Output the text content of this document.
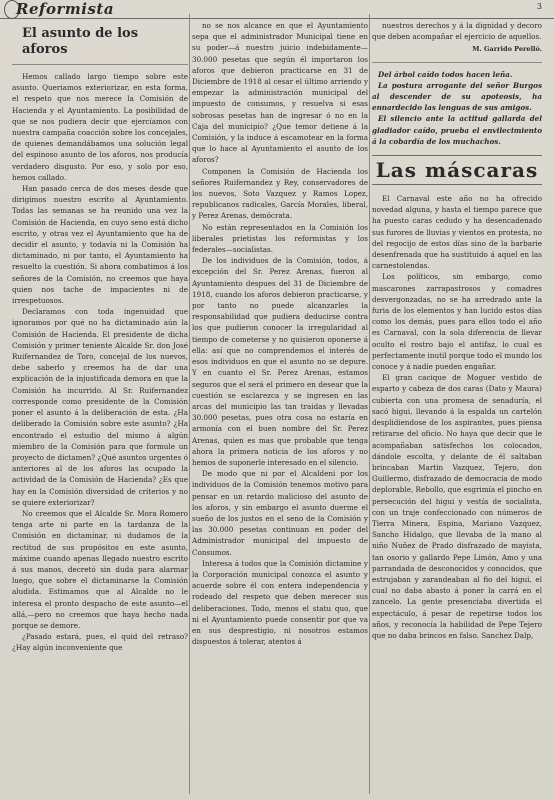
Reformista	3
El asunto de los aforos

Hemos callado largo tiempo sobre este asunto. Queriamos exteriorizar, en esta forma, el respeto que nos merece la Comisión de Hacienda y el Ayuntamiento. La posibilidad de que se nos pudiera decir que ejercíamos con nuestra campaña coacción sobre los concejales, de quienes demandábamos una solución legal del espinoso asunto de los aforos, nos producía verdadero disgusto. Por eso, y solo por eso, hemos callado.

Han pasado cerca de dos meses desde que dirigimos nuestro escrito al Ayuntamiento. Todas las semanas se ha reunido una vez la Comisión de Hacienda, en cuyo seno está dicho escrito, y otras vez el Ayuntamiento que ha de decidir el asunto, y todavía ni la Comisión ha dictaminado, ni por tanto, el Ayuntamiento ha resuelto la cuestión. Si ahora combatimos á los señores de la Comisión, no creemos que haya quien nos tache de impacientes ni de irrespetuosos.

Declaramos con toda ingenuidad que ignoramos por qué no ha dictaminado aún la Comisión de Hacienda. El presidente de dicha Comisión y primer teniente Alcalde Sr. don José Ruifernandez de Toro, concejal de los nuevos, debe saberlo y creemos ha de dar una explicación de la injustificada demora en que la Comisión ha incurrido. Al Sr. Ruifernandez corresponde como presidente de la Comisión poner el asunto á la deliberación de esta. ¿Ha deliberado la Comisión sobre este asunto? ¿Ha encontrado el estudio del mismo á algún miembro de la Comisión para que formule un proyecto de dictamen? ¿Qué asuntos urgentes ó anteriores al de los aforos las ocupado la actividad de la Comisión de Hacienda? ¿Es que hay en la Comisión diversidad de criterios y no se quiere exteriorizar?

No creemos que el Alcalde Sr. Mora Romero tenga arte ni parte en la tardanza de la Comisión en dictaminar, ni dudamos de la rectitud de sus propósitos en este asunto, máxime cuando apenas llegado nuestro escrito á sus manos, decretó sin duda para alarmar luego, que sobre el dictaminarse la Comisión aludida. Estimamos que al Alcalde no le interesa el pronto despacho de este asunto—el allá,—pero no creemos que haya hecho nada porque se demore.

¿Pasado estará, pues, el quid del retraso? ¿Hay algún inconveniente que

no se nos alcance en que el Ayuntamiento sepa que el administrador Municipal tiene en su poder—á nuestro juicio indebidamente—30.000 pesetas que según él importaron los aforos que debieron practicarse en 31 de Diciembre de 1918 al cesar el último arriendo y empezar la administración municipal del impuesto de consumos, y resuelva si esas sobrosas pesetas han de ingresar ó no en la Caja del municipio? ¿Que temor detiene á la Comisión, y la induce á escamotear en la forma que lo hace al Ayuntamiento el asunto de los aforos?

Componen la Comisión de Hacienda los señores Ruifernandez y Rey, conservadores de los nuevos, Soto Vazquez y Ramos Lopez, republicanos radicales, García Morales, liberal, y Perez Arenas, demócrata.

No están representados en la Comisión los liberales prietistas los reformistas y los federales—socialistas.

De los individuos de la Comisión, todos, á excepción del Sr. Perez Arenas, fueron al Ayuntamiento despues del 31 de Diciembre de 1918, cuando los aforos debieron practicarse, y por tanto no puede alcanzarles la responsabilidad que pudiera deducirse contra los que pudieron conocer la irregularidad al tiempo de cometerse y no quisieron oponerse á ella: así que no comprendemos el interés de esos individuos en que el asunto no se depure. Y en cuanto el Sr. Perez Arenas, estamos seguros que el será el primero en desear que la cuestión se esclarezca y se ingresen en las arcas del municipio las tan traidas y llevadas 30.000 pesetas, pues otra cosa no estaría en armonía con el buen nombre del Sr. Perez Arenas, quien es mas que probable que tenga ahora la primera noticia de los aforos y no hemos de suponerle interesado en el silencio.

De modo que ni por el Alcaldeni por los individuos de la Comisión tenemos motivo para pensar en un retardo malicioso del asunto de los aforos, y sin embargo el asunto duerme el sueño de los justos en el seno de la Comisión y las 30.000 pesetas continuan en poder del Administrador municipal del impuesto de Consumos.

Interesa á todos que la Comisión dictamine y la Corporación municipal conozca el asunto y acuerde sobre él con entera independencia y rodeado del respeto que deben merecer sus deliberaciones. Todo, menos el statu quo, que ni el Ayuntamiento puede consentir por que va en sus desprestigio, ni nosotros estamos dispuestos á tolerar, atentos á

nuestros derechos y á la dignidad y decoro que deben acompañar el ejercicio de aquellos.

M. Garrido Perelló.

Del árbol caído todos hacen leña.

La postura arrogante del señor Burgos al descender de su apoteosis, ha ennardecido las lenguas de sus amigos.

El silencio ante la actitud gallarda del gladiador caído, prueba el envilecimiento á la cobardía de los muchachos.

Las máscaras

El Carnaval este año no ha ofrecido novedad alguna, y hasta el tiempo parece que ha puesto caras cedudo y ha desencadenado sus furores de lluvias y vientos en protesta, no del regocijo de estos días sino de la barbarie desenfrenada que ha sustituido á aquel en las carnestolendas.

Los políticos, sin embargo, como mascarones zarrapastrosos y comadres desvergonzadas, no se ha arredrado ante la furia de los elementos y han lucido estos días como los demás, pues para ellos todo el año es Carnaval, con la sola diferencia de llevar oculto el rostro bajo el antifaz, lo cual es perfectamente inutil porque todo el mundo los conoce y á nadie pueden engañar.

El gran cacique de Moguer vestido de esparto y cabeza de dos caras (Dato y Maura) cubierta con una promesa de senaduría, el sacó higui, llevando á la espalda un cartelón desplidiendose de los aspirantes, pues piensa retirarse del oficio. No haya que decir que le acompañaban satisfechos los colocados, dándole escolta, y delante de él saltaban brincaban Martin Vazquez, Tejero, don Guillermo, disfrazado de democracia de modo deplorable, Rebollo, que esgrimía el pincho en persecución del higui y vestía de socialista, con un traje confeccionado con números de Tierra Minera, Espina, Mariano Vazquez, Sancho Hidalgo, que llevaba de la mano al niño Nuñez de Prado disfrazado de mayista, tan osorio y gallardo Pepe Limón, Amo y una parrandada de desconocidos y conocidos, que estrujaban y zarandeaban al fio del higui, el cual no daba abasto á poner la carrá en el zancelo. La gente presenciaba divertida el espectáculo, á pesar de repetirse todos los años, y reconocía la habilidad de Pepe Tejero que no daba brincos en falso. Sanchez Dalp,
